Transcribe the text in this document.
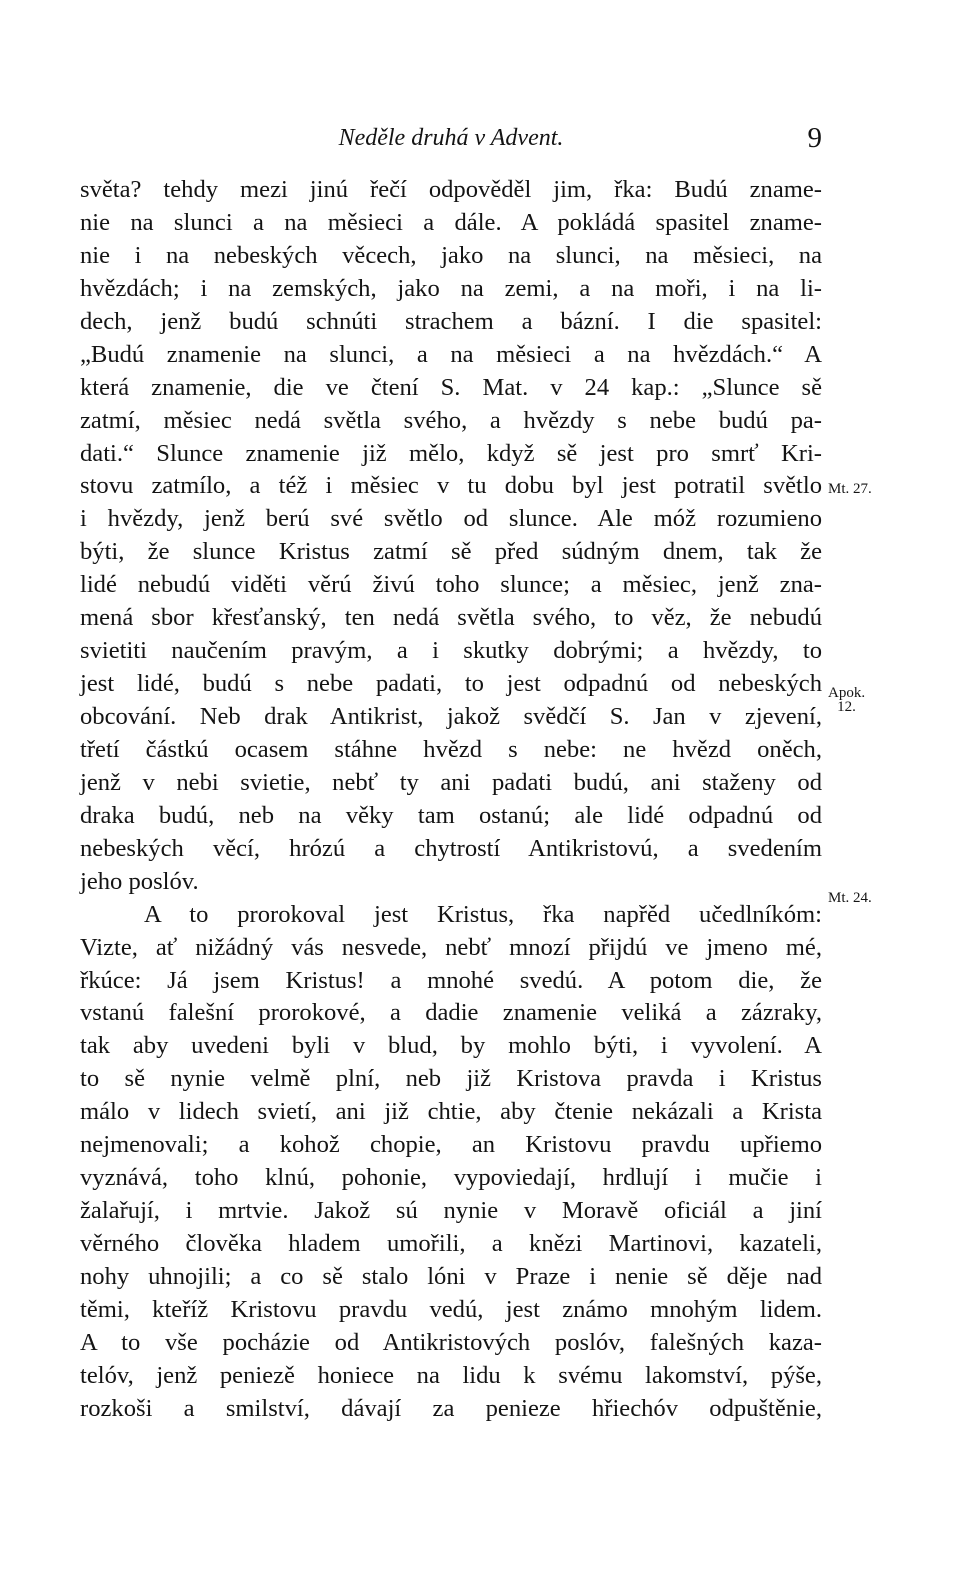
Neděle druhá v Advent.	9
světa? tehdy mezi jinú řečí odpověděl jim, řka: Budú zname-
nie na slunci a na měsieci a dále. A pokládá spasitel zname-
nie i na nebeských věcech, jako na slunci, na měsieci, na
hvězdách; i na zemských, jako na zemi, a na moři, i na li-
dech, jenž budú schnúti strachem a bázní. I die spasitel:
„Budú znamenie na slunci, a na měsieci a na hvězdách.“ A
která znamenie, die ve čtení S. Mat. v 24 kap.: „Slunce sě
zatmí, měsiec nedá světla svého, a hvězdy s nebe budú pa-
dati.“ Slunce znamenie již mělo, když sě jest pro smrť Kri-
stovu zatmílo, a též i měsiec v tu dobu byl jest potratil světlo
i hvězdy, jenž berú své světlo od slunce. Ale móž rozumieno
býti, že slunce Kristus zatmí sě před súdným dnem, tak že
lidé nebudú viděti věrú živú toho slunce; a měsiec, jenž zna-
mená sbor křesťanský, ten nedá světla svého, to věz, že nebudú
svietiti naučením pravým, a i skutky dobrými; a hvězdy, to
jest lidé, budú s nebe padati, to jest odpadnú od nebeských
obcování. Neb drak Antikrist, jakož svědčí S. Jan v zjevení,
třetí částkú ocasem stáhne hvězd s nebe: ne hvězd oněch,
jenž v nebi svietie, nebť ty ani padati budú, ani staženy od
draka budú, neb na věky tam ostanú; ale lidé odpadnú od
nebeských věcí, hrózú a chytrostí Antikristovú, a svedením
jeho poslóv.
A to prorokoval jest Kristus, řka napřěd učedlníkóm:
Vizte, ať nižádný vás nesvede, nebť mnozí přijdú ve jmeno mé,
řkúce: Já jsem Kristus! a mnohé svedú. A potom die, že
vstanú falešní prorokové, a dadie znamenie veliká a zázraky,
tak aby uvedeni byli v blud, by mohlo býti, i vyvolení. A
to sě nynie velmě plní, neb již Kristova pravda i Kristus
málo v lidech svietí, ani již chtie, aby čtenie nekázali a Krista
nejmenovali; a kohož chopie, an Kristovu pravdu upřiemo
vyznává, toho klnú, pohonie, vypoviedají, hrdlují i mučie i
žalařují, i mrtvie. Jakož sú nynie v Moravě oficiál a jiní
věrného člověka hladem umořili, a knězi Martinovi, kazateli,
nohy uhnojili; a co sě stalo lóni v Praze i nenie sě děje nad
těmi, kteříž Kristovu pravdu vedú, jest známo mnohým lidem.
A to vše pocházie od Antikristových poslóv, falešných kaza-
telóv, jenž peniezě honiece na lidu k svému lakomství, pýše,
rozkoši a smilství, dávají za penieze hřiechóv odpuštěnie,
Mt. 27.
Apok.
12.
Mt. 24.
